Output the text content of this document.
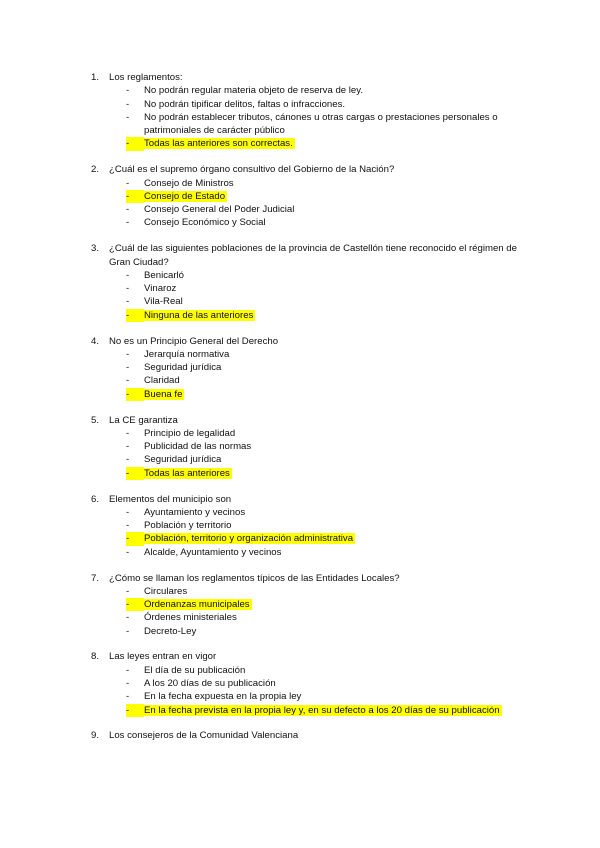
1.	Los reglamentos:
-	No podrán regular materia objeto de reserva de ley.
-	No podrán tipificar delitos, faltas o infracciones.
-	No podrán establecer tributos, cánones u otras cargas o prestaciones personales o patrimoniales de carácter público
-	Todas las anteriores son correctas.
2.	¿Cuál es el supremo órgano consultivo del Gobierno de la Nación?
-	Consejo de Ministros
-	Consejo de Estado
-	Consejo General del Poder Judicial
-	Consejo Económico y Social
3.	¿Cuál de las siguientes poblaciones de la provincia de Castellón tiene reconocido el régimen de Gran Ciudad?
-	Benicarló
-	Vinaroz
-	Vila-Real
-	Ninguna de las anteriores
4.	No es un Principio General del Derecho
-	Jerarquía normativa
-	Seguridad jurídica
-	Claridad
-	Buena fe
5.	La CE garantiza
-	Principio de legalidad
-	Publicidad de las normas
-	Seguridad jurídica
-	Todas las anteriores
6.	Elementos del municipio son
-	Ayuntamiento y vecinos
-	Población y territorio
-	Población, territorio y organización administrativa
-	Alcalde, Ayuntamiento y vecinos
7.	¿Cómo se llaman los reglamentos típicos de las Entidades Locales?
-	Circulares
-	Ordenanzas municipales
-	Órdenes ministeriales
-	Decreto-Ley
8.	Las leyes entran en vigor
-	El día de su publicación
-	A los 20 días de su publicación
-	En la fecha expuesta en la propia ley
-	En la fecha prevista en la propia ley y, en su defecto a los 20 días de su publicación
9.	Los consejeros de la Comunidad Valenciana
